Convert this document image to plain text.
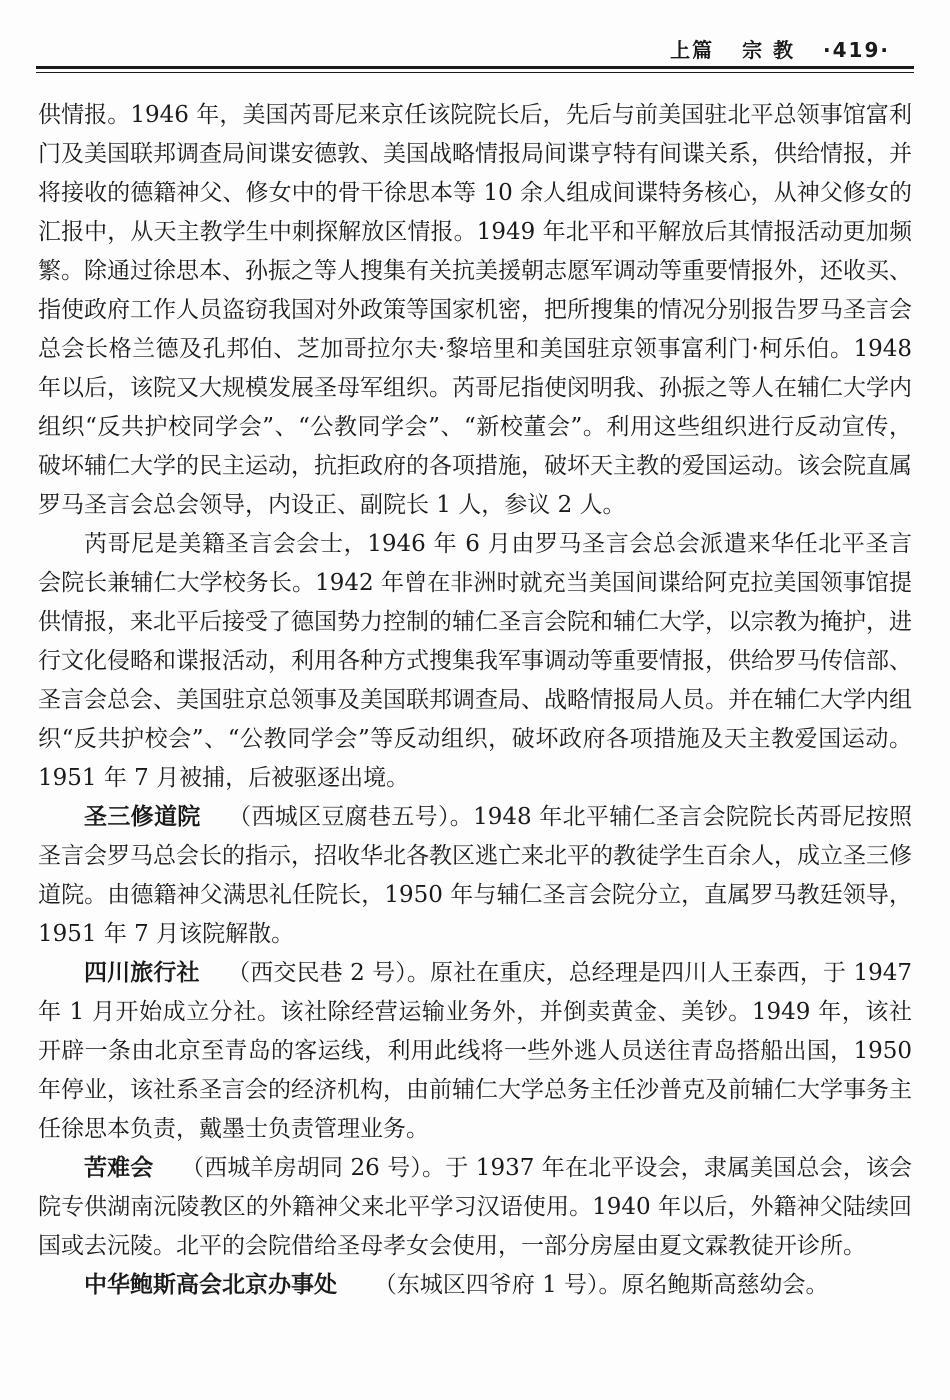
上篇 宗 教 ·419·

供情报。1946 年，美国芮哥尼来京任该院院长后，先后与前美国驻北平总领事馆富利门及美国联邦调查局间谍安德敦、美国战略情报局间谍亨特有间谍关系，供给情报，并将接收的德籍神父、修女中的骨干徐思本等 10 余人组成间谍特务核心，从神父修女的汇报中，从天主教学生中刺探解放区情报。1949 年北平和平解放后其情报活动更加频繁。除通过徐思本、孙振之等人搜集有关抗美援朝志愿军调动等重要情报外，还收买、指使政府工作人员盗窃我国对外政策等国家机密，把所搜集的情况分别报告罗马圣言会总会长格兰德及孔邦伯、芝加哥拉尔夫·黎培里和美国驻京领事富利门·柯乐伯。1948 年以后，该院又大规模发展圣母军组织。芮哥尼指使闵明我、孙振之等人在辅仁大学内组织“反共护校同学会”、“公教同学会”、“新校董会”。利用这些组织进行反动宣传，破坏辅仁大学的民主运动，抗拒政府的各项措施，破坏天主教的爱国运动。该会院直属罗马圣言会总会领导，内设正、副院长 1 人，参议 2 人。

芮哥尼是美籍圣言会会士，1946 年 6 月由罗马圣言会总会派遣来华任北平圣言会院长兼辅仁大学校务长。1942 年曾在非洲时就充当美国间谍给阿克拉美国领事馆提供情报，来北平后接受了德国势力控制的辅仁圣言会院和辅仁大学，以宗教为掩护，进行文化侵略和谍报活动，利用各种方式搜集我军事调动等重要情报，供给罗马传信部、圣言会总会、美国驻京总领事及美国联邦调查局、战略情报局人员。并在辅仁大学内组织“反共护校会”、“公教同学会”等反动组织，破坏政府各项措施及天主教爱国运动。1951 年 7 月被捕，后被驱逐出境。

圣三修道院 （西城区豆腐巷五号）。1948 年北平辅仁圣言会院院长芮哥尼按照圣言会罗马总会长的指示，招收华北各教区逃亡来北平的教徒学生百余人，成立圣三修道院。由德籍神父满思礼任院长，1950 年与辅仁圣言会院分立，直属罗马教廷领导，1951 年 7 月该院解散。

四川旅行社 （西交民巷 2 号）。原社在重庆，总经理是四川人王泰西，于 1947 年 1 月开始成立分社。该社除经营运输业务外，并倒卖黄金、美钞。1949 年，该社开辟一条由北京至青岛的客运线，利用此线将一些外逃人员送往青岛搭船出国，1950 年停业，该社系圣言会的经济机构，由前辅仁大学总务主任沙普克及前辅仁大学事务主任徐思本负责，戴墨士负责管理业务。

苦难会 （西城羊房胡同 26 号）。于 1937 年在北平设会，隶属美国总会，该会院专供湖南沅陵教区的外籍神父来北平学习汉语使用。1940 年以后，外籍神父陆续回国或去沅陵。北平的会院借给圣母孝女会使用，一部分房屋由夏文霖教徒开诊所。

中华鲍斯高会北京办事处 （东城区四爷府 1 号）。原名鲍斯高慈幼会。
